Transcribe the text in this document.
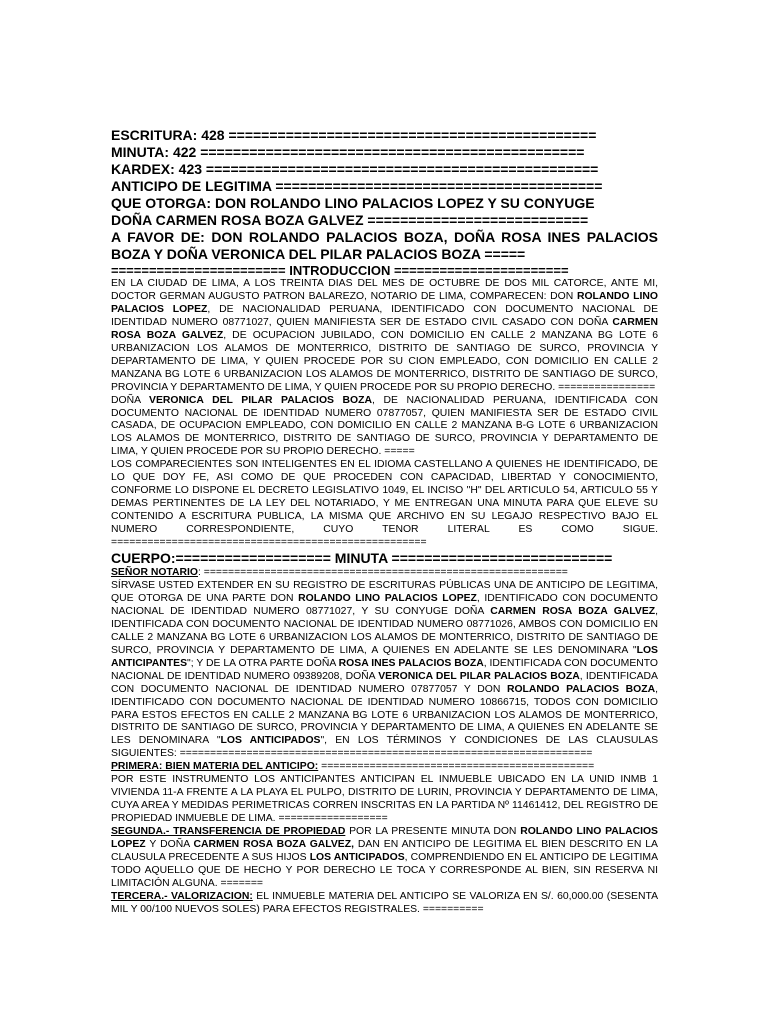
ESCRITURA: 428 =============================================
MINUTA: 422 ===============================================
KARDEX: 423 ================================================
ANTICIPO DE LEGITIMA ========================================
QUE OTORGA: DON ROLANDO LINO PALACIOS LOPEZ Y SU CONYUGE
DOÑA CARMEN ROSA BOZA GALVEZ ===========================
A FAVOR DE: DON ROLANDO PALACIOS BOZA, DOÑA ROSA INES PALACIOS BOZA Y DOÑA VERONICA DEL PILAR PALACIOS BOZA =====
======================= INTRODUCCION =======================
EN LA CIUDAD DE LIMA, A LOS TREINTA DIAS DEL MES DE OCTUBRE DE DOS MIL CATORCE, ANTE MI, DOCTOR GERMAN AUGUSTO PATRON BALAREZO, NOTARIO DE LIMA, COMPARECEN: DON ROLANDO LINO PALACIOS LOPEZ, DE NACIONALIDAD PERUANA, IDENTIFICADO CON DOCUMENTO NACIONAL DE IDENTIDAD NUMERO 08771027, QUIEN MANIFIESTA SER DE ESTADO CIVIL CASADO CON DOÑA CARMEN ROSA BOZA GALVEZ, DE OCUPACION JUBILADO, CON DOMICILIO EN CALLE 2 MANZANA BG LOTE 6 URBANIZACION LOS ALAMOS DE MONTERRICO, DISTRITO DE SANTIAGO DE SURCO, PROVINCIA Y DEPARTAMENTO DE LIMA, Y QUIEN PROCEDE POR SU CION EMPLEADO, CON DOMICILIO EN CALLE 2 MANZANA BG LOTE 6 URBANIZACION LOS ALAMOS DE MONTERRICO, DISTRITO DE SANTIAGO DE SURCO, PROVINCIA Y DEPARTAMENTO DE LIMA, Y QUIEN PROCEDE POR SU PROPIO DERECHO. ================
DOÑA VERONICA DEL PILAR PALACIOS BOZA, DE NACIONALIDAD PERUANA, IDENTIFICADA CON DOCUMENTO NACIONAL DE IDENTIDAD NUMERO 07877057, QUIEN MANIFIESTA SER DE ESTADO CIVIL CASADA, DE OCUPACION EMPLEADO, CON DOMICILIO EN CALLE 2 MANZANA B-G LOTE 6 URBANIZACION LOS ALAMOS DE MONTERRICO, DISTRITO DE SANTIAGO DE SURCO, PROVINCIA Y DEPARTAMENTO DE LIMA, Y QUIEN PROCEDE POR SU PROPIO DERECHO. =====
LOS COMPARECIENTES SON INTELIGENTES EN EL IDIOMA CASTELLANO A QUIENES HE IDENTIFICADO, DE LO QUE DOY FE, ASI COMO DE QUE PROCEDEN CON CAPACIDAD, LIBERTAD Y CONOCIMIENTO, CONFORME LO DISPONE EL DECRETO LEGISLATIVO 1049, EL INCISO "H" DEL ARTICULO 54, ARTICULO 55 Y DEMAS PERTINENTES DE LA LEY DEL NOTARIADO, Y ME ENTREGAN UNA MINUTA PARA QUE ELEVE SU CONTENIDO A ESCRITURA PUBLICA, LA MISMA QUE ARCHIVO EN SU LEGAJO RESPECTIVO BAJO EL NUMERO CORRESPONDIENTE, CUYO TENOR LITERAL ES COMO SIGUE. ====================================================
CUERPO:=================== MINUTA ===========================
SEÑOR NOTARIO: ============================================================
SÍRVASE USTED EXTENDER EN SU REGISTRO DE ESCRITURAS PÚBLICAS UNA DE ANTICIPO DE LEGITIMA, QUE OTORGA DE UNA PARTE DON ROLANDO LINO PALACIOS LOPEZ, IDENTIFICADO CON DOCUMENTO NACIONAL DE IDENTIDAD NUMERO 08771027, Y SU CONYUGE DOÑA CARMEN ROSA BOZA GALVEZ, IDENTIFICADA CON DOCUMENTO NACIONAL DE IDENTIDAD NUMERO 08771026, AMBOS CON DOMICILIO EN CALLE 2 MANZANA BG LOTE 6 URBANIZACION LOS ALAMOS DE MONTERRICO, DISTRITO DE SANTIAGO DE SURCO, PROVINCIA Y DEPARTAMENTO DE LIMA, A QUIENES EN ADELANTE SE LES DENOMINARA "LOS ANTICIPANTES"; Y DE LA OTRA PARTE DOÑA ROSA INES PALACIOS BOZA, IDENTIFICADA CON DOCUMENTO NACIONAL DE IDENTIDAD NUMERO 09389208, DOÑA VERONICA DEL PILAR PALACIOS BOZA, IDENTIFICADA CON DOCUMENTO NACIONAL DE IDENTIDAD NUMERO 07877057 Y DON ROLANDO PALACIOS BOZA, IDENTIFICADO CON DOCUMENTO NACIONAL DE IDENTIDAD NUMERO 10866715, TODOS CON DOMICILIO PARA ESTOS EFECTOS EN CALLE 2 MANZANA BG LOTE 6 URBANIZACION LOS ALAMOS DE MONTERRICO, DISTRITO DE SANTIAGO DE SURCO, PROVINCIA Y DEPARTAMENTO DE LIMA, A QUIENES EN ADELANTE SE LES DENOMINARA "LOS ANTICIPADOS", EN LOS TÉRMINOS Y CONDICIONES DE LAS CLAUSULAS SIGUIENTES: ====================================================================
PRIMERA: BIEN MATERIA DEL ANTICIPO: =============================================
POR ESTE INSTRUMENTO LOS ANTICIPANTES ANTICIPAN EL INMUEBLE UBICADO EN LA UNID INMB 1 VIVIENDA 11-A FRENTE A LA PLAYA EL PULPO, DISTRITO DE LURIN, PROVINCIA Y DEPARTAMENTO DE LIMA, CUYA AREA Y MEDIDAS PERIMETRICAS CORREN INSCRITAS EN LA PARTIDA Nº 11461412, DEL REGISTRO DE PROPIEDAD INMUEBLE DE LIMA. ==================
SEGUNDA.- TRANSFERENCIA DE PROPIEDAD POR LA PRESENTE MINUTA DON ROLANDO LINO PALACIOS LOPEZ Y DOÑA CARMEN ROSA BOZA GALVEZ, DAN EN ANTICIPO DE LEGITIMA EL BIEN DESCRITO EN LA CLAUSULA PRECEDENTE A SUS HIJOS LOS ANTICIPADOS, COMPRENDIENDO EN EL ANTICIPO DE LEGITIMA TODO AQUELLO QUE DE HECHO Y POR DERECHO LE TOCA Y CORRESPONDE AL BIEN, SIN RESERVA NI LIMITACIÓN ALGUNA. =======
TERCERA.- VALORIZACION: EL INMUEBLE MATERIA DEL ANTICIPO SE VALORIZA EN S/. 60,000.00 (SESENTA MIL Y 00/100 NUEVOS SOLES) PARA EFECTOS REGISTRALES. ==========
